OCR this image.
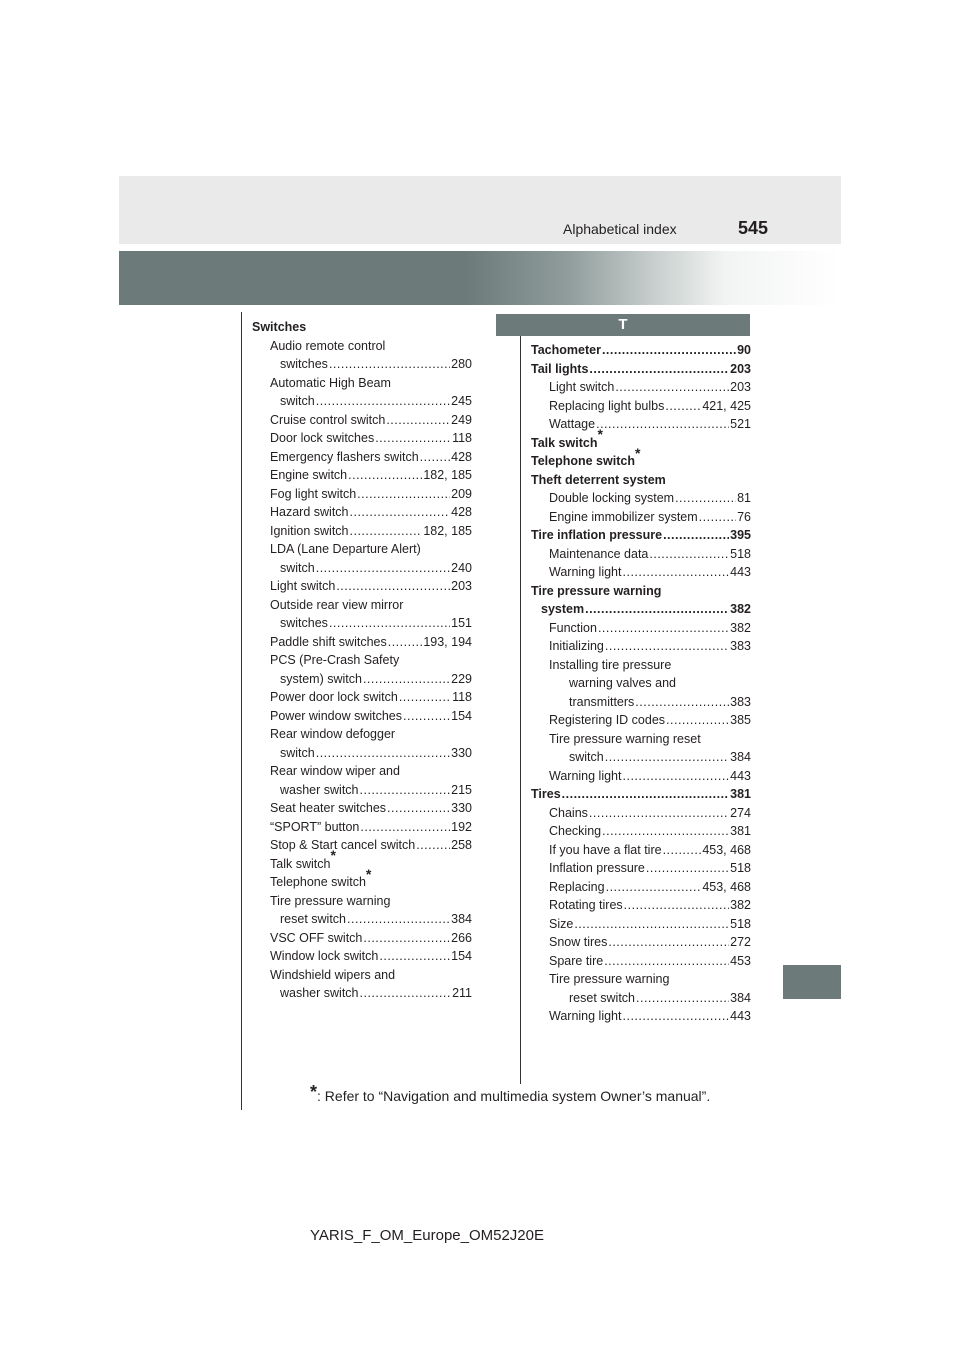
Alphabetical index	545
T
Switches
Audio remote control
switches .....	280
Automatic High Beam
switch .....	245
Cruise control switch .....	249
Door lock switches .....	118
Emergency flashers switch .....	428
Engine switch .....	182, 185
Fog light switch .....	209
Hazard switch .....	428
Ignition switch .....	182, 185
LDA (Lane Departure Alert)
switch .....	240
Light switch .....	203
Outside rear view mirror
switches .....	151
Paddle shift switches .....	193, 194
PCS (Pre-Crash Safety
system) switch .....	229
Power door lock switch .....	118
Power window switches .....	154
Rear window defogger
switch .....	330
Rear window wiper and
washer switch .....	215
Seat heater switches .....	330
“SPORT” button .....	192
Stop & Start cancel switch .....	258
Talk switch*
Telephone switch*
Tire pressure warning
reset switch .....	384
VSC OFF switch .....	266
Window lock switch .....	154
Windshield wipers and
washer switch .....	211
Tachometer .....	90
Tail lights .....	203
Light switch .....	203
Replacing light bulbs .....	421, 425
Wattage .....	521
Talk switch*
Telephone switch*
Theft deterrent system
Double locking system .....	81
Engine immobilizer system .....	76
Tire inflation pressure .....	395
Maintenance data .....	518
Warning light .....	443
Tire pressure warning
system .....	382
Function .....	382
Initializing .....	383
Installing tire pressure
warning valves and
transmitters .....	383
Registering ID codes .....	385
Tire pressure warning reset
switch .....	384
Warning light .....	443
Tires .....	381
Chains .....	274
Checking .....	381
If you have a flat tire .....	453, 468
Inflation pressure .....	518
Replacing .....	453, 468
Rotating tires .....	382
Size .....	518
Snow tires .....	272
Spare tire .....	453
Tire pressure warning
reset switch .....	384
Warning light .....	443
*: Refer to “Navigation and multimedia system Owner’s manual”.
YARIS_F_OM_Europe_OM52J20E
